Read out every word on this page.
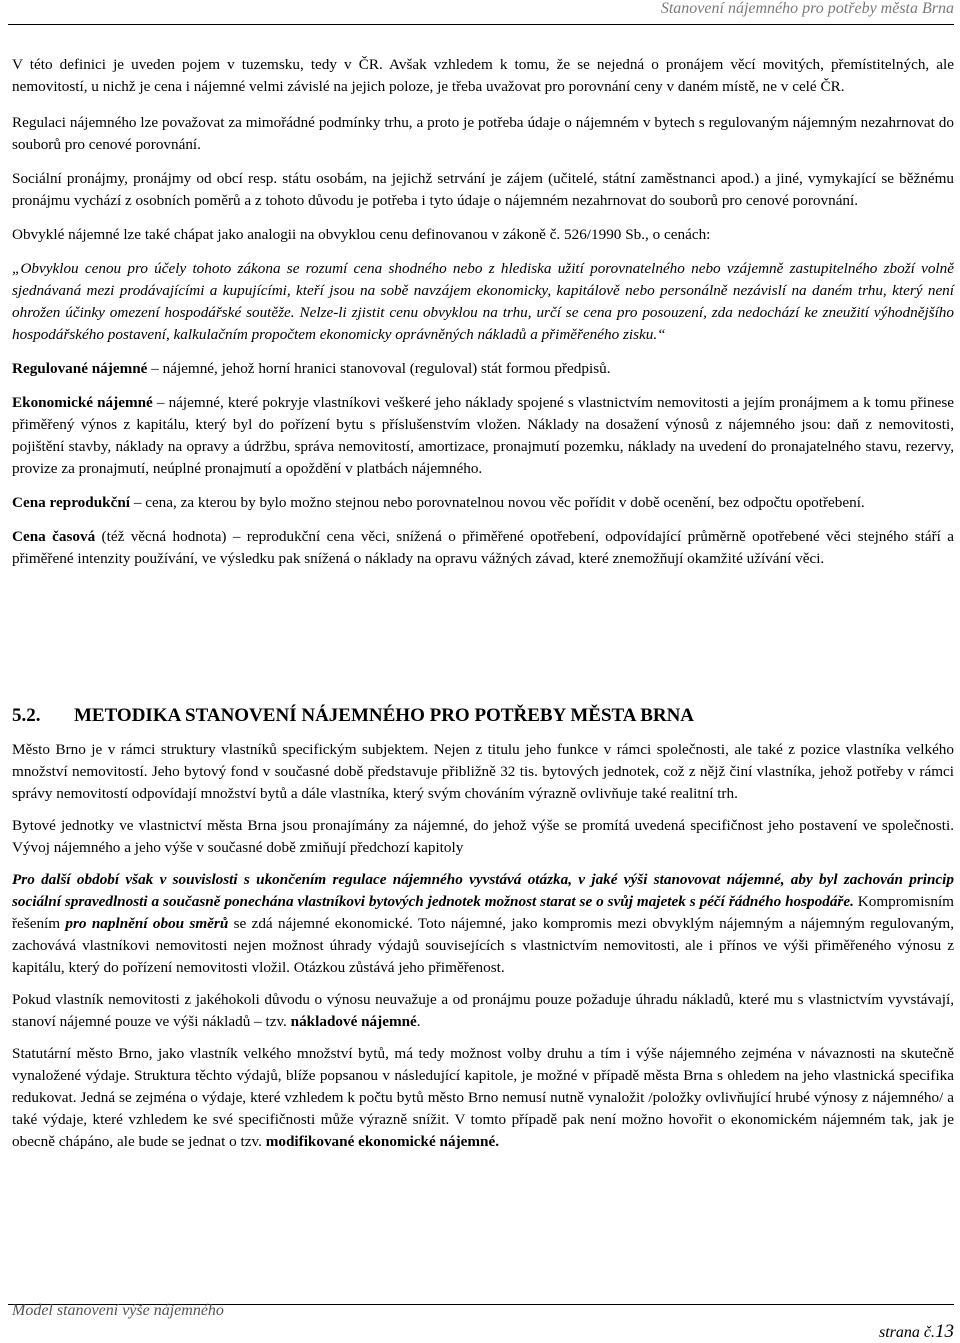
Stanovení nájemného pro potřeby města Brna

V této definici je uveden pojem v tuzemsku, tedy v ČR. Avšak vzhledem k tomu, že se nejedná o pronájem věcí movitých, přemístitelných, ale nemovitostí, u nichž je cena i nájemné velmi závislé na jejich poloze, je třeba uvažovat pro porovnání ceny v daném místě, ne v celé ČR.

Regulaci nájemného lze považovat za mimořádné podmínky trhu, a proto je potřeba údaje o nájemném v bytech s regulovaným nájemným nezahrnovat do souborů pro cenové porovnání.

Sociální pronájmy, pronájmy od obcí resp. státu osobám, na jejichž setrvání je zájem (učitelé, státní zaměstnanci apod.) a jiné, vymykající se běžnému pronájmu vychází z osobních poměrů a z tohoto důvodu je potřeba i tyto údaje o nájemném nezahrnovat do souborů pro cenové porovnání.

Obvyklé nájemné lze také chápat jako analogii na obvyklou cenu definovanou v zákoně č. 526/1990 Sb., o cenách:

„Obvyklou cenou pro účely tohoto zákona se rozumí cena shodného nebo z hlediska užití porovnatelného nebo vzájemně zastupitelného zboží volně sjednávaná mezi prodávajícími a kupujícími, kteří jsou na sobě navzájem ekonomicky, kapitálově nebo personálně nezávislí na daném trhu, který není ohrožen účinky omezení hospodářské soutěže. Nelze-li zjistit cenu obvyklou na trhu, určí se cena pro posouzení, zda nedochází ke zneužití výhodnějšího hospodářského postavení, kalkulačním propočtem ekonomicky oprávněných nákladů a přiměřeného zisku.“

Regulované nájemné – nájemné, jehož horní hranici stanovoval (reguloval) stát formou předpisů.

Ekonomické nájemné – nájemné, které pokryje vlastníkovi veškeré jeho náklady spojené s vlastnictvím nemovitosti a jejím pronájmem a k tomu přinese přiměřený výnos z kapitálu, který byl do pořízení bytu s příslušenstvím vložen. Náklady na dosažení výnosů z nájemného jsou: daň z nemovitosti, pojištění stavby, náklady na opravy a údržbu, správa nemovitostí, amortizace, pronajmutí pozemku, náklady na uvedení do pronajatelného stavu, rezervy, provize za pronajmutí, neúplné pronajmutí a opoždění v platbách nájemného.

Cena reprodukční – cena, za kterou by bylo možno stejnou nebo porovnatelnou novou věc pořídit v době ocenění, bez odpočtu opotřebení.

Cena časová (též věcná hodnota) – reprodukční cena věci, snížená o přiměřené opotřebení, odpovídající průměrně opotřebené věci stejného stáří a přiměřené intenzity používání, ve výsledku pak snížená o náklady na opravu vážných závad, které znemožňují okamžité užívání věci.

5.2. METODIKA STANOVENÍ NÁJEMNÉHO PRO POTŘEBY MĚSTA BRNA

Město Brno je v rámci struktury vlastníků specifickým subjektem. Nejen z titulu jeho funkce v rámci společnosti, ale také z pozice vlastníka velkého množství nemovitostí. Jeho bytový fond v současné době představuje přibližně 32 tis. bytových jednotek, což z nějž činí vlastníka, jehož potřeby v rámci správy nemovitostí odpovídají množství bytů a dále vlastníka, který svým chováním výrazně ovlivňuje také realitní trh.

Bytové jednotky ve vlastnictví města Brna jsou pronajímány za nájemné, do jehož výše se promítá uvedená specifičnost jeho postavení ve společnosti. Vývoj nájemného a jeho výše v současné době zmiňují předchozí kapitoly

Pro další období však v souvislosti s ukončením regulace nájemného vyvstává otázka, v jaké výši stanovovat nájemné, aby byl zachován princip sociální spravedlnosti a současně ponechána vlastníkovi bytových jednotek možnost starat se o svůj majetek s péčí řádného hospodáře. Kompromisním řešením pro naplnění obou směrů se zdá nájemné ekonomické. Toto nájemné, jako kompromis mezi obvyklým nájemným a nájemným regulovaným, zachovává vlastníkovi nemovitosti nejen možnost úhrady výdajů souvisejících s vlastnictvím nemovitosti, ale i přínos ve výši přiměřeného výnosu z kapitálu, který do pořízení nemovitosti vložil. Otázkou zůstává jeho přiměřenost.

Pokud vlastník nemovitosti z jakéhokoli důvodu o výnosu neuvažuje a od pronájmu pouze požaduje úhradu nákladů, které mu s vlastnictvím vyvstávají, stanoví nájemné pouze ve výši nákladů – tzv. nákladové nájemné.

Statutární město Brno, jako vlastník velkého množství bytů, má tedy možnost volby druhu a tím i výše nájemného zejména v návaznosti na skutečně vynaložené výdaje. Struktura těchto výdajů, blíže popsanou v následující kapitole, je možné v případě města Brna s ohledem na jeho vlastnická specifika redukovat. Jedná se zejména o výdaje, které vzhledem k počtu bytů město Brno nemusí nutně vynaložit /položky ovlivňující hrubé výnosy z nájemného/ a také výdaje, které vzhledem ke své specifičnosti může výrazně snížit. V tomto případě pak není možno hovořit o ekonomickém nájemném tak, jak je obecně chápáno, ale bude se jednat o tzv. modifikované ekonomické nájemné.

Model stanovení výše nájemného
strana č.13
